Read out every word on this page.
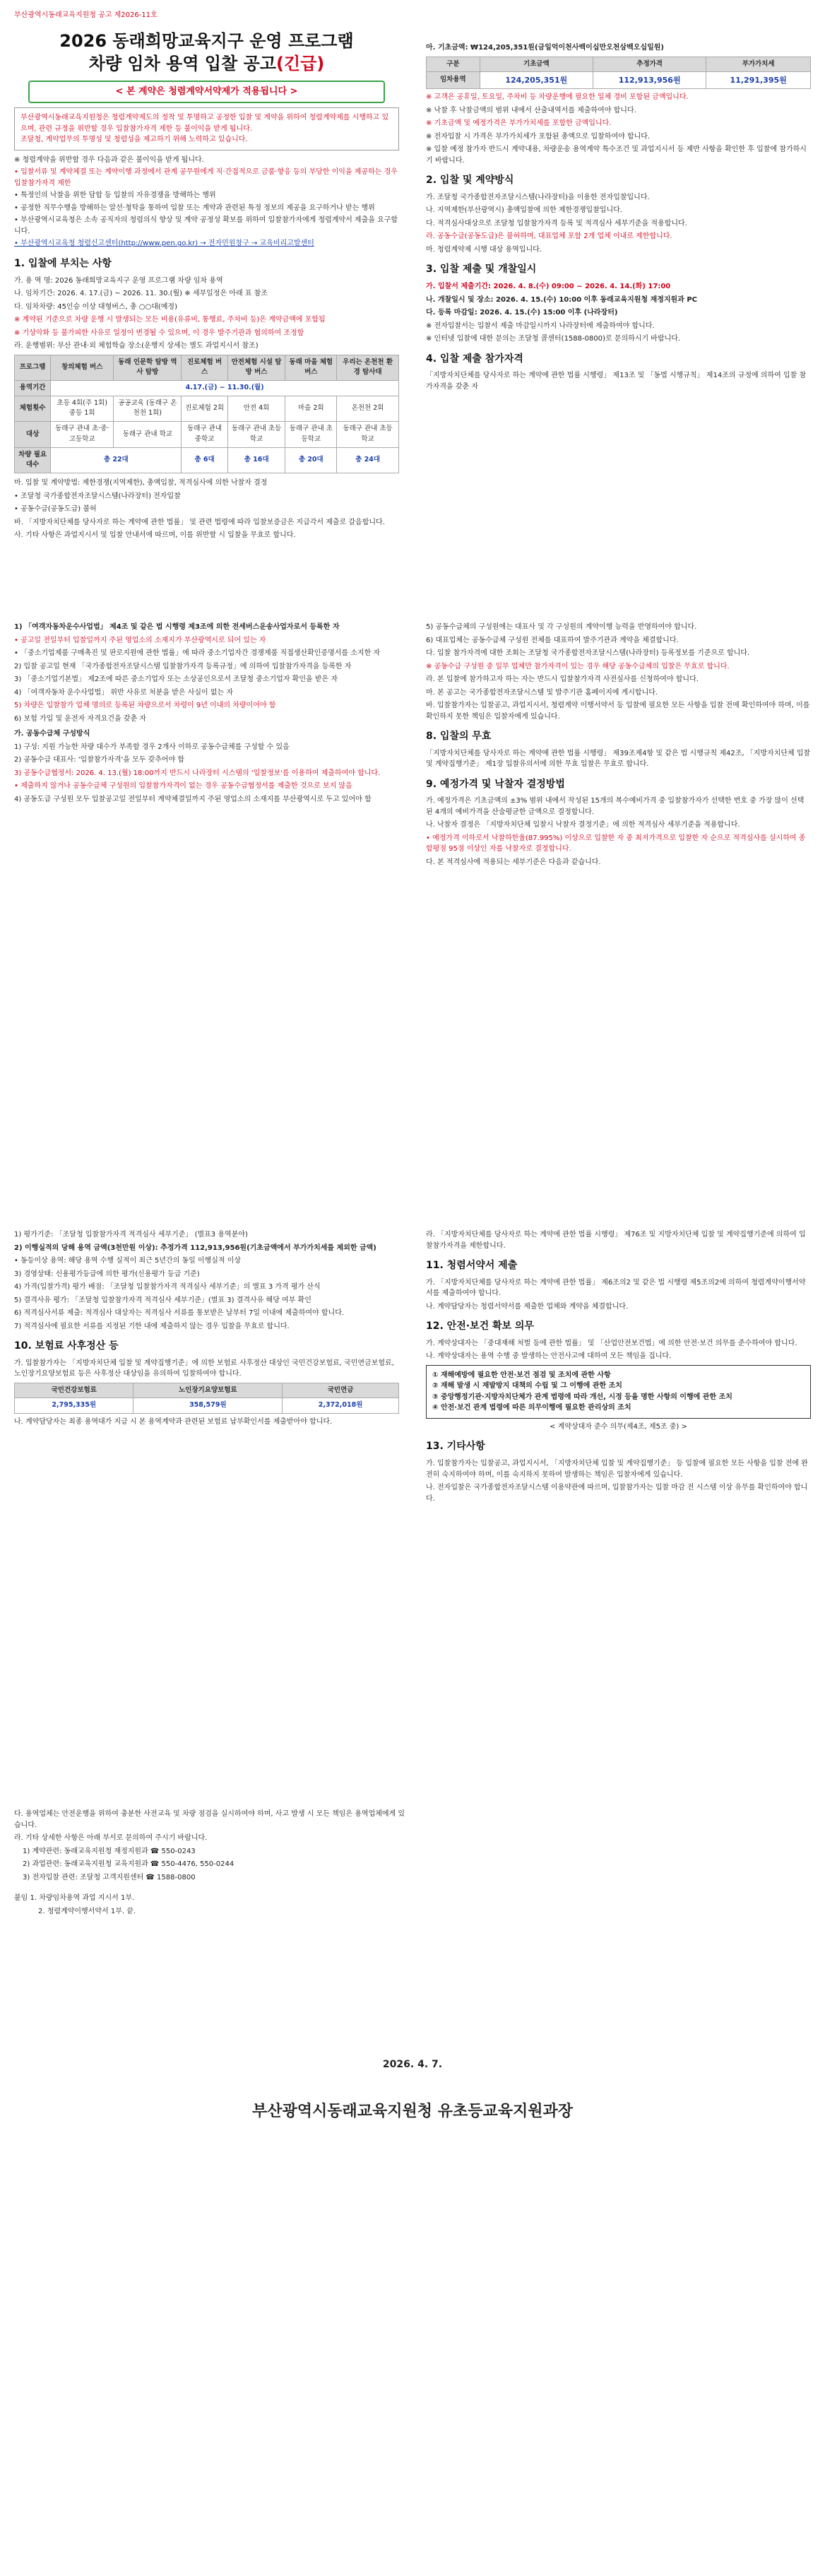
부산광역시동래교육지원청 공고 제2026-11호
2026 동래희망교육지구 운영 프로그램
차량 임차 용역 입찰 공고(긴급)
< 본 계약은 청렴계약서약제가 적용됩니다 >

부산광역시동래교육지원청은 청렴계약제도의 정착 및 투명하고 공정한 입찰 및 계약을 위하여 청렴계약제를 시행하고 있으며, 관련 규정을 위반할 경우 입찰참가자격 제한 등 불이익을 받게 됩니다.

조달청, 계약업무의 투명성 및 청렴성을 제고하기 위해 노력하고 있습니다.

※ 청렴계약을 위반할 경우 다음과 같은 불이익을 받게 됩니다.

• 입찰서류 및 계약체결 또는 계약이행 과정에서 관계 공무원에게 직·간접적으로 금품·향응 등의 부당한 이익을 제공하는 경우 입찰참가자격 제한

• 특정인의 낙찰을 위한 담합 등 입찰의 자유경쟁을 방해하는 행위

• 공정한 직무수행을 방해하는 알선·청탁을 통하여 입찰 또는 계약과 관련된 특정 정보의 제공을 요구하거나 받는 행위

• 부산광역시교육청은 소속 공직자의 청렴의식 향상 및 계약 공정성 확보를 위하여 입찰참가자에게 청렴계약서 제출을 요구합니다.

• 부산광역시교육청 청렴신고센터(http://www.pen.go.kr) → 전자민원창구 → 교육비리고발센터

1. 입찰에 부치는 사항

가. 용 역 명: 2026 동래희망교육지구 운영 프로그램 차량 임차 용역

나. 임차기간: 2026. 4. 17.(금) ~ 2026. 11. 30.(월) ※ 세부일정은 아래 표 참조

다. 임차차량: 45인승 이상 대형버스, 총 ○○대(예정)

※ 계약된 기준으로 차량 운행 시 발생되는 모든 비용(유류비, 통행료, 주차비 등)은 계약금액에 포함됨

※ 기상악화 등 불가피한 사유로 일정이 변경될 수 있으며, 이 경우 발주기관과 협의하여 조정함

라. 운행범위: 부산 관내·외 체험학습 장소(운행지 상세는 별도 과업지시서 참조)

프로그램	창의체험 버스	동래 인문학 탐방 역사 탐방	진로체험 버스	안전체험 시설 탐방 버스	동래 마을 체험 버스	우리는 온천천 환경 탐사대
용역기간	4.17.(금) ~ 11.30.(월)					
체험횟수	초등 4회(주 1회) 중등 1회	공공교육 (동래구 온천천 1회)	진로체험 2회	안전 4회	마을 2회	온천천 2회
대상	동래구 관내 초·중·고등학교	동래구 관내 학교	동래구 관내 중학교	동래구 관내 초등학교	동래구 관내 초등학교	동래구 관내 초등학교
차량 필요대수	총 22대		총 6대	총 16대	총 20대	총 24대

마. 입찰 및 계약방법: 제한경쟁(지역제한), 총액입찰, 적격심사에 의한 낙찰자 결정

• 조달청 국가종합전자조달시스템(나라장터) 전자입찰

• 공동수급(공동도급) 불허

바. 「지방자치단체를 당사자로 하는 계약에 관한 법률」 및 관련 법령에 따라 입찰보증금은 지급각서 제출로 갈음합니다.

사. 기타 사항은 과업지시서 및 입찰 안내서에 따르며, 이를 위반할 시 입찰을 무효로 합니다.

아. 기초금액: ₩124,205,351원(금일억이천사백이십만오천삼백오십일원)

구분	기초금액	추정가격	부가가치세
임차용역	124,205,351원	112,913,956원	11,291,395원

※ 고객은 공휴일, 토요일, 주차비 등 차량운행에 필요한 일체 경비 포함된 금액입니다.

※ 낙찰 후 낙찰금액의 범위 내에서 산출내역서를 제출하여야 합니다.

※ 기초금액 및 예정가격은 부가가치세를 포함한 금액입니다.

※ 전자입찰 시 가격은 부가가치세가 포함된 총액으로 입찰하여야 합니다.

※ 입찰 예정 참가자 반드시 계약내용, 차량운송 용역계약 특수조건 및 과업지시서 등 제반 사항을 확인한 후 입찰에 참가하시기 바랍니다.

2. 입찰 및 계약방식

가. 조달청 국가종합전자조달시스템(나라장터)을 이용한 전자입찰입니다.

나. 지역제한(부산광역시) 총액입찰에 의한 제한경쟁입찰입니다.

다. 적격심사대상으로 조달청 입찰참가자격 등록 및 적격심사 세부기준을 적용합니다.

라. 공동수급(공동도급)은 불허하며, 대표업체 포함 2개 업체 이내로 제한합니다.

마. 청렴계약제 시행 대상 용역입니다.

3. 입찰 제출 및 개찰일시

가. 입찰서 제출기간: 2026. 4. 8.(수) 09:00 ~ 2026. 4. 14.(화) 17:00

나. 개찰일시 및 장소: 2026. 4. 15.(수) 10:00 이후 동래교육지원청 재정지원과 PC

다. 등록 마감일: 2026. 4. 15.(수) 15:00 이후 (나라장터)

※ 전자입찰서는 입찰서 제출 마감일시까지 나라장터에 제출하여야 합니다.

※ 인터넷 입찰에 대한 문의는 조달청 콜센터(1588-0800)로 문의하시기 바랍니다.

4. 입찰 제출 참가자격

「지방자치단체를 당사자로 하는 계약에 관한 법률 시행령」 제13조 및 「동법 시행규칙」 제14조의 규정에 의하여 입찰 참가자격을 갖춘 자

1) 「여객자동차운수사업법」 제4조 및 같은 법 시행령 제3조에 의한 전세버스운송사업자로서 등록한 자

• 공고일 전일부터 입찰일까지 주된 영업소의 소재지가 부산광역시로 되어 있는 자

• 「중소기업제품 구매촉진 및 판로지원에 관한 법률」에 따라 중소기업자간 경쟁제품 직접생산확인증명서를 소지한 자

2) 입찰 공고일 현재 「국가종합전자조달시스템 입찰참가자격 등록규정」에 의하여 입찰참가자격을 등록한 자

3) 「중소기업기본법」 제2조에 따른 중소기업자 또는 소상공인으로서 조달청 중소기업자 확인을 받은 자

4) 「여객자동차 운수사업법」 위반 사유로 처분을 받은 사실이 없는 자

5) 차량은 입찰참가 업체 명의로 등록된 차량으로서 차령이 9년 이내의 차량이어야 함

6) 보험 가입 및 운전자 자격요건을 갖춘 자

가. 공동수급체 구성방식

1) 구성: 지원 가능한 차량 대수가 부족할 경우 2개사 이하로 공동수급체를 구성할 수 있음

2) 공동수급 대표사: '입찰참가자격'을 모두 갖추어야 함

3) 공동수급협정서: 2026. 4. 13.(월) 18:00까지 반드시 나라장터 시스템의 '입찰정보'를 이용하여 제출하여야 합니다.

• 제출하지 않거나 공동수급체 구성원의 입찰참가자격이 없는 경우 공동수급협정서를 제출한 것으로 보지 않음

4) 공동도급 구성원 모두 입찰공고일 전일부터 계약체결일까지 주된 영업소의 소재지를 부산광역시로 두고 있어야 함

5) 공동수급체의 구성원에는 대표사 및 각 구성원의 계약이행 능력을 반영하여야 합니다.

6) 대표업체는 공동수급체 구성원 전체를 대표하여 발주기관과 계약을 체결합니다.

다. 입찰 참가자격에 대한 조회는 조달청 국가종합전자조달시스템(나라장터) 등록정보를 기준으로 합니다.

※ 공동수급 구성원 중 일부 업체만 참가자격이 있는 경우 해당 공동수급체의 입찰은 무효로 합니다.

라. 본 입찰에 참가하고자 하는 자는 반드시 입찰참가자격 사전심사를 신청하여야 합니다.

마. 본 공고는 국가종합전자조달시스템 및 발주기관 홈페이지에 게시합니다.

바. 입찰참가자는 입찰공고, 과업지시서, 청렴계약 이행서약서 등 입찰에 필요한 모든 사항을 입찰 전에 확인하여야 하며, 이를 확인하지 못한 책임은 입찰자에게 있습니다.

8. 입찰의 무효

「지방자치단체를 당사자로 하는 계약에 관한 법률 시행령」 제39조제4항 및 같은 법 시행규칙 제42조, 「지방자치단체 입찰 및 계약집행기준」 제1장 입찰유의서에 의한 무효 입찰은 무효로 합니다.

9. 예정가격 및 낙찰자 결정방법

가. 예정가격은 기초금액의 ±3% 범위 내에서 작성된 15개의 복수예비가격 중 입찰참가자가 선택한 번호 중 가장 많이 선택된 4개의 예비가격을 산술평균한 금액으로 결정합니다.

나. 낙찰자 결정은 「지방자치단체 입찰시 낙찰자 결정기준」에 의한 적격심사 세부기준을 적용합니다.

• 예정가격 이하로서 낙찰하한율(87.995%) 이상으로 입찰한 자 중 최저가격으로 입찰한 자 순으로 적격심사를 실시하여 종합평점 95점 이상인 자를 낙찰자로 결정합니다.

다. 본 적격심사에 적용되는 세부기준은 다음과 같습니다.

1) 평가기준: 「조달청 입찰참가자격 적격심사 세부기준」 (별표3 용역분야)

2) 이행실적의 당해 용역 금액(3천만원 이상): 추정가격 112,913,956원(기초금액에서 부가가치세를 제외한 금액)

• 동등이상 용역: 해당 용역 수행 실적이 최근 5년간의 동일 이행실적 이상

3) 경영상태: 신용평가등급에 의한 평가(신용평가 등급 기준)

4) 가격(입찰가격) 평가 배점: 「조달청 입찰참가자격 적격심사 세부기준」의 별표 3 가격 평가 산식

5) 결격사유 평가: 「조달청 입찰참가자격 적격심사 세부기준」(별표 3) 결격사유 해당 여부 확인

6) 적격심사서류 제출: 적격심사 대상자는 적격심사 서류를 통보받은 날부터 7일 이내에 제출하여야 합니다.

7) 적격심사에 필요한 서류를 지정된 기한 내에 제출하지 않는 경우 입찰을 무효로 합니다.

10. 보험료 사후정산 등

가. 입찰참가자는 「지방자치단체 입찰 및 계약집행기준」에 의한 보험료 사후정산 대상인 국민건강보험료, 국민연금보험료, 노인장기요양보험료 등은 사후정산 대상임을 유의하여 입찰하여야 합니다.

국민건강보험료	노인장기요양보험료	국민연금
2,795,335원	358,579원	2,372,018원

나. 계약담당자는 최종 용역대가 지급 시 본 용역계약과 관련된 보험료 납부확인서를 제출받아야 합니다.

라. 「지방자치단체를 당사자로 하는 계약에 관한 법률 시행령」 제76조 및 지방자치단체 입찰 및 계약집행기준에 의하여 입찰참가자격을 제한합니다.

11. 청렴서약서 제출

가. 「지방자치단체를 당사자로 하는 계약에 관한 법률」 제6조의2 및 같은 법 시행령 제5조의2에 의하여 청렴계약이행서약서를 제출하여야 합니다.

나. 계약담당자는 청렴서약서를 제출한 업체와 계약을 체결합니다.

12. 안전·보건 확보 의무

가. 계약상대자는 「중대재해 처벌 등에 관한 법률」 및 「산업안전보건법」에 의한 안전·보건 의무를 준수하여야 합니다.

나. 계약상대자는 용역 수행 중 발생하는 안전사고에 대하여 모든 책임을 집니다.

① 재해예방에 필요한 안전·보건 점검 및 조치에 관한 사항

② 재해 발생 시 재발방지 대책의 수립 및 그 이행에 관한 조치

③ 중앙행정기관·지방자치단체가 관계 법령에 따라 개선, 시정 등을 명한 사항의 이행에 관한 조치

④ 안전·보건 관계 법령에 따른 의무이행에 필요한 관리상의 조치

< 계약상대자 준수 의무(제4조, 제5조 중) >

13. 기타사항

가. 입찰참가자는 입찰공고, 과업지시서, 「지방자치단체 입찰 및 계약집행기준」 등 입찰에 필요한 모든 사항을 입찰 전에 완전히 숙지하여야 하며, 이를 숙지하지 못하여 발생하는 책임은 입찰자에게 있습니다.

나. 전자입찰은 국가종합전자조달시스템 이용약관에 따르며, 입찰참가자는 입찰 마감 전 시스템 이상 유무를 확인하여야 합니다.

다. 용역업체는 안전운행을 위하여 충분한 사전교육 및 차량 점검을 실시하여야 하며, 사고 발생 시 모든 책임은 용역업체에게 있습니다.

라. 기타 상세한 사항은 아래 부서로 문의하여 주시기 바랍니다.

1) 계약관련: 동래교육지원청 재정지원과 ☎ 550-0243

2) 과업관련: 동래교육지원청 교육지원과 ☎ 550-4476, 550-0244

3) 전자입찰 관련: 조달청 고객지원센터 ☎ 1588-0800

붙임 1. 차량임차용역 과업 지시서 1부.

2. 청렴계약이행서약서 1부. 끝.

2026. 4. 7.
부산광역시동래교육지원청 유초등교육지원과장
